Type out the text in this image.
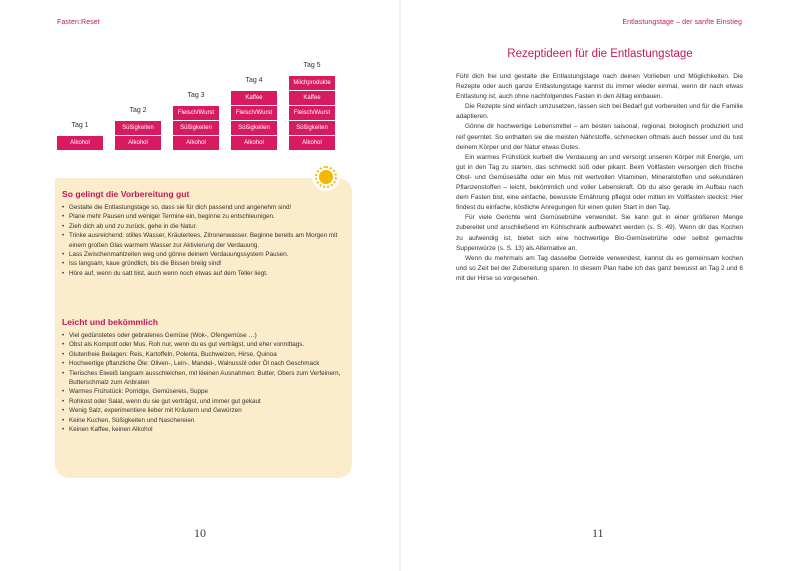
Fasten:Reset
Tag 1
Alkohol
Tag 2
Süßigkeiten
Alkohol
Tag 3
Fleisch/Wurst
Süßigkeiten
Alkohol
Tag 4
Kaffee
Fleisch/Wurst
Süßigkeiten
Alkohol
Tag 5
Milchprodukte
Kaffee
Fleisch/Wurst
Süßigkeiten
Alkohol
So gelingt die Vorbereitung gut
• Gestalte die Entlastungstage so, dass sie für dich passend und angenehm sind!
• Plane mehr Pausen und weniger Termine ein, beginne zu entschleunigen.
• Zieh dich ab und zu zurück, gehe in die Natur.
• Trinke ausreichend: stilles Wasser, Kräutertees, Zitronenwasser. Beginne bereits am Morgen mit einem großen Glas warmem Wasser zur Aktivierung der Verdauung.
• Lass Zwischenmahlzeiten weg und gönne deinem Verdauungssystem Pausen.
• Iss langsam, kaue gründlich, bis die Bissen breiig sind!
• Höre auf, wenn du satt bist, auch wenn noch etwas auf dem Teller liegt.
Leicht und bekömmlich
• Viel gedünstetes oder gebratenes Gemüse (Wok-, Ofengemüse …)
• Obst als Kompott oder Mus. Roh nur, wenn du es gut verträgst, und eher vormittags.
• Glutenfreie Beilagen: Reis, Kartoffeln, Polenta, Buchweizen, Hirse, Quinoa
• Hochwertige pflanzliche Öle: Oliven-, Lein-, Mandel-, Walnussöl oder Öl nach Geschmack
• Tierisches Eiweiß langsam ausschleichen, mit kleinen Ausnahmen: Butter, Obers zum Verfeinern, Butterschmalz zum Anbraten
• Warmes Frühstück: Porridge, Gemüsereis, Suppe
• Rohkost oder Salat, wenn du sie gut verträgst, und immer gut gekaut
• Wenig Salz, experimentiere lieber mit Kräutern und Gewürzen
• Keine Kuchen, Süßigkeiten und Naschereien
• Keinen Kaffee, keinen Alkohol
10
Entlastungstage – der sanfte Einstieg
Rezeptideen für die Entlastungstage

Fühl dich frei und gestalte die Entlastungstage nach deinen Vorlieben und Möglichkeiten. Die Rezepte oder auch ganze Entlastungstage kannst du immer wieder einmal, wenn dir nach etwas Entlastung ist, auch ohne nachfolgendes Fasten in den Alltag einbauen.

Die Rezepte sind einfach umzusetzen, lassen sich bei Bedarf gut vorbereiten und für die Familie adaptieren.

Gönne dir hochwertige Lebensmittel – am besten saisonal, regional, biologisch produziert und reif geerntet. So enthalten sie die meisten Nährstoffe, schmecken oftmals auch besser und du tust deinem Körper und der Natur etwas Gutes.

Ein warmes Frühstück kurbelt die Verdauung an und versorgt unseren Körper mit Energie, um gut in den Tag zu starten, das schmeckt süß oder pikant. Beim Vollfasten versorgen dich frische Obst- und Gemüsesäfte oder ein Mus mit wertvollen Vitaminen, Mineralstoffen und sekundären Pflanzenstoffen – leicht, bekömmlich und voller Lebenskraft. Ob du also gerade im Aufbau nach dem Fasten bist, eine einfache, bewusste Ernährung pflegst oder mitten im Vollfasten steckst: Hier findest du einfache, köstliche Anregungen für einen guten Start in den Tag.

Für viele Gerichte wird Gemüsebrühe verwendet. Sie kann gut in einer größeren Menge zubereitet und anschließend im Kühlschrank aufbewahrt werden (s. S. 49). Wenn dir das Kochen zu aufwendig ist, bietet sich eine hochwertige Bio-Gemüsebrühe oder selbst gemachte Suppenwürze (s. S. 13) als Alternative an.

Wenn du mehrmals am Tag dasselbe Getreide verwendest, kannst du es gemeinsam kochen und so Zeit bei der Zubereitung sparen. In diesem Plan habe ich das ganz bewusst an Tag 2 und 6 mit der Hirse so vorgesehen.

11
